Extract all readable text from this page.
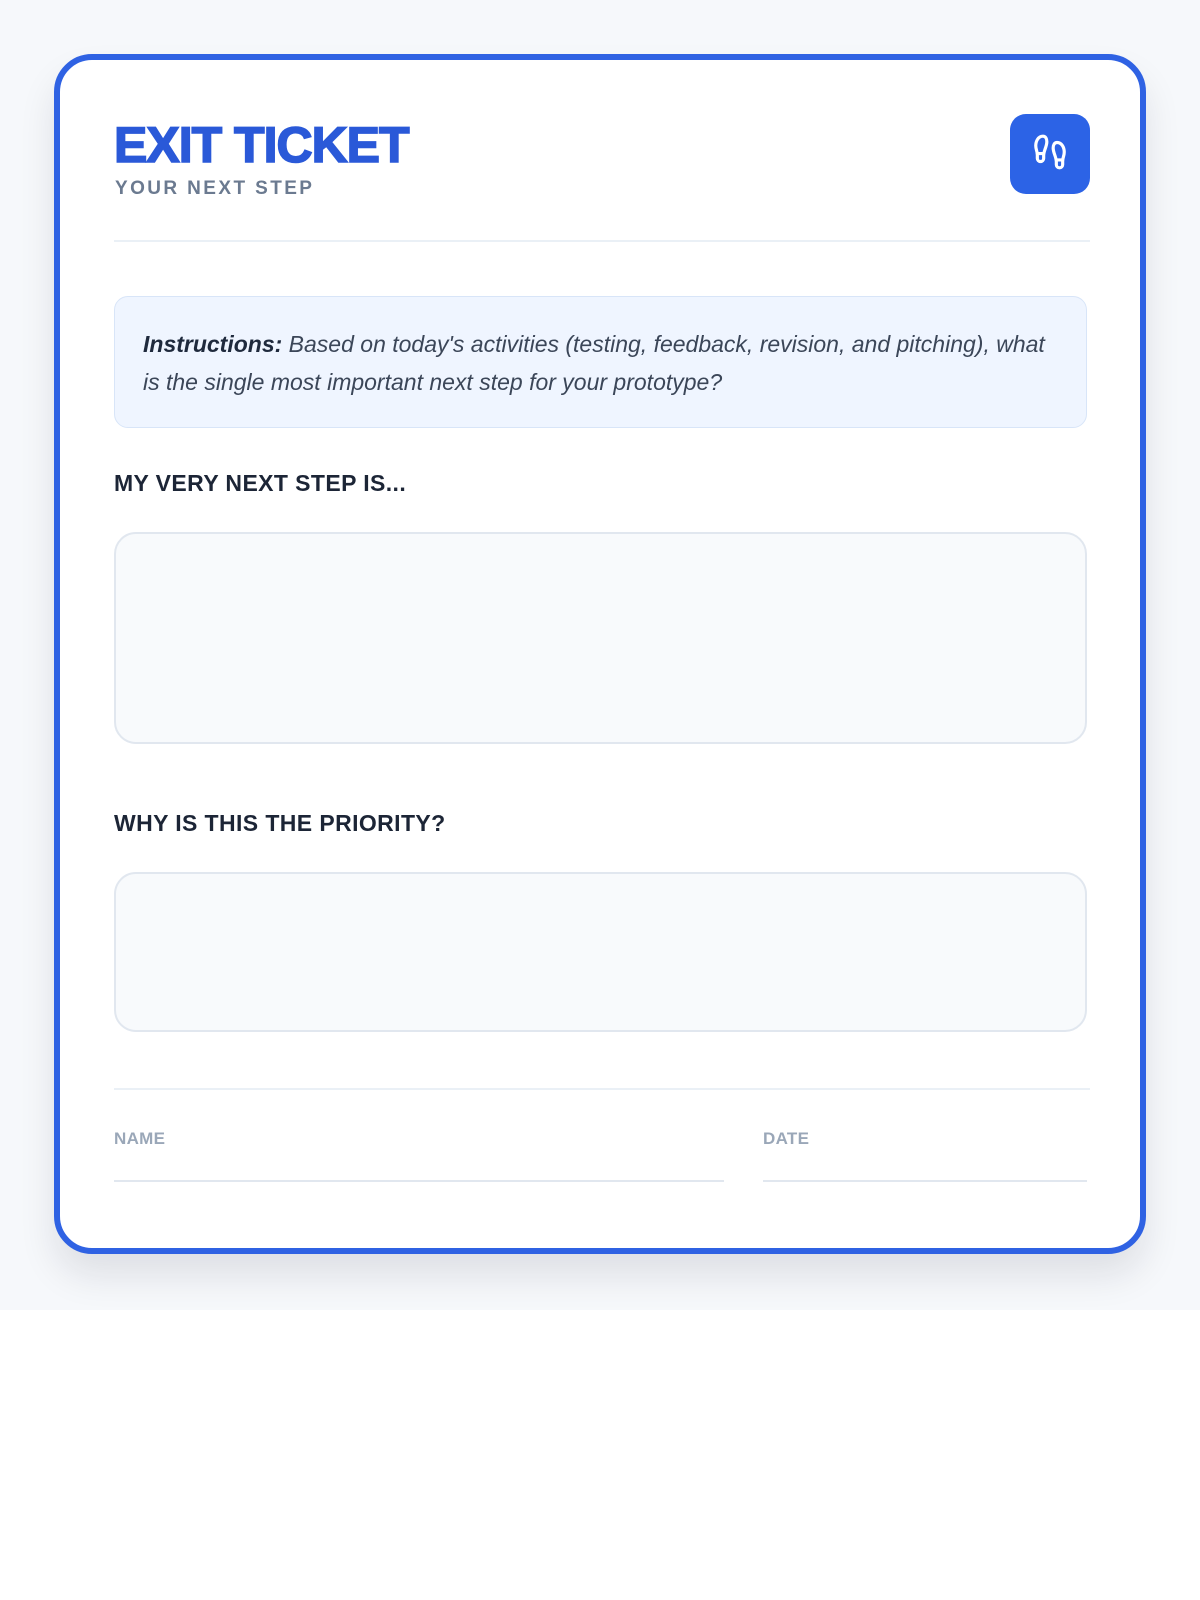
EXIT TICKET
YOUR NEXT STEP
Instructions: Based on today's activities (testing, feedback, revision, and pitching), what is the single most important next step for your prototype?
MY VERY NEXT STEP IS...
WHY IS THIS THE PRIORITY?
NAME	DATE
